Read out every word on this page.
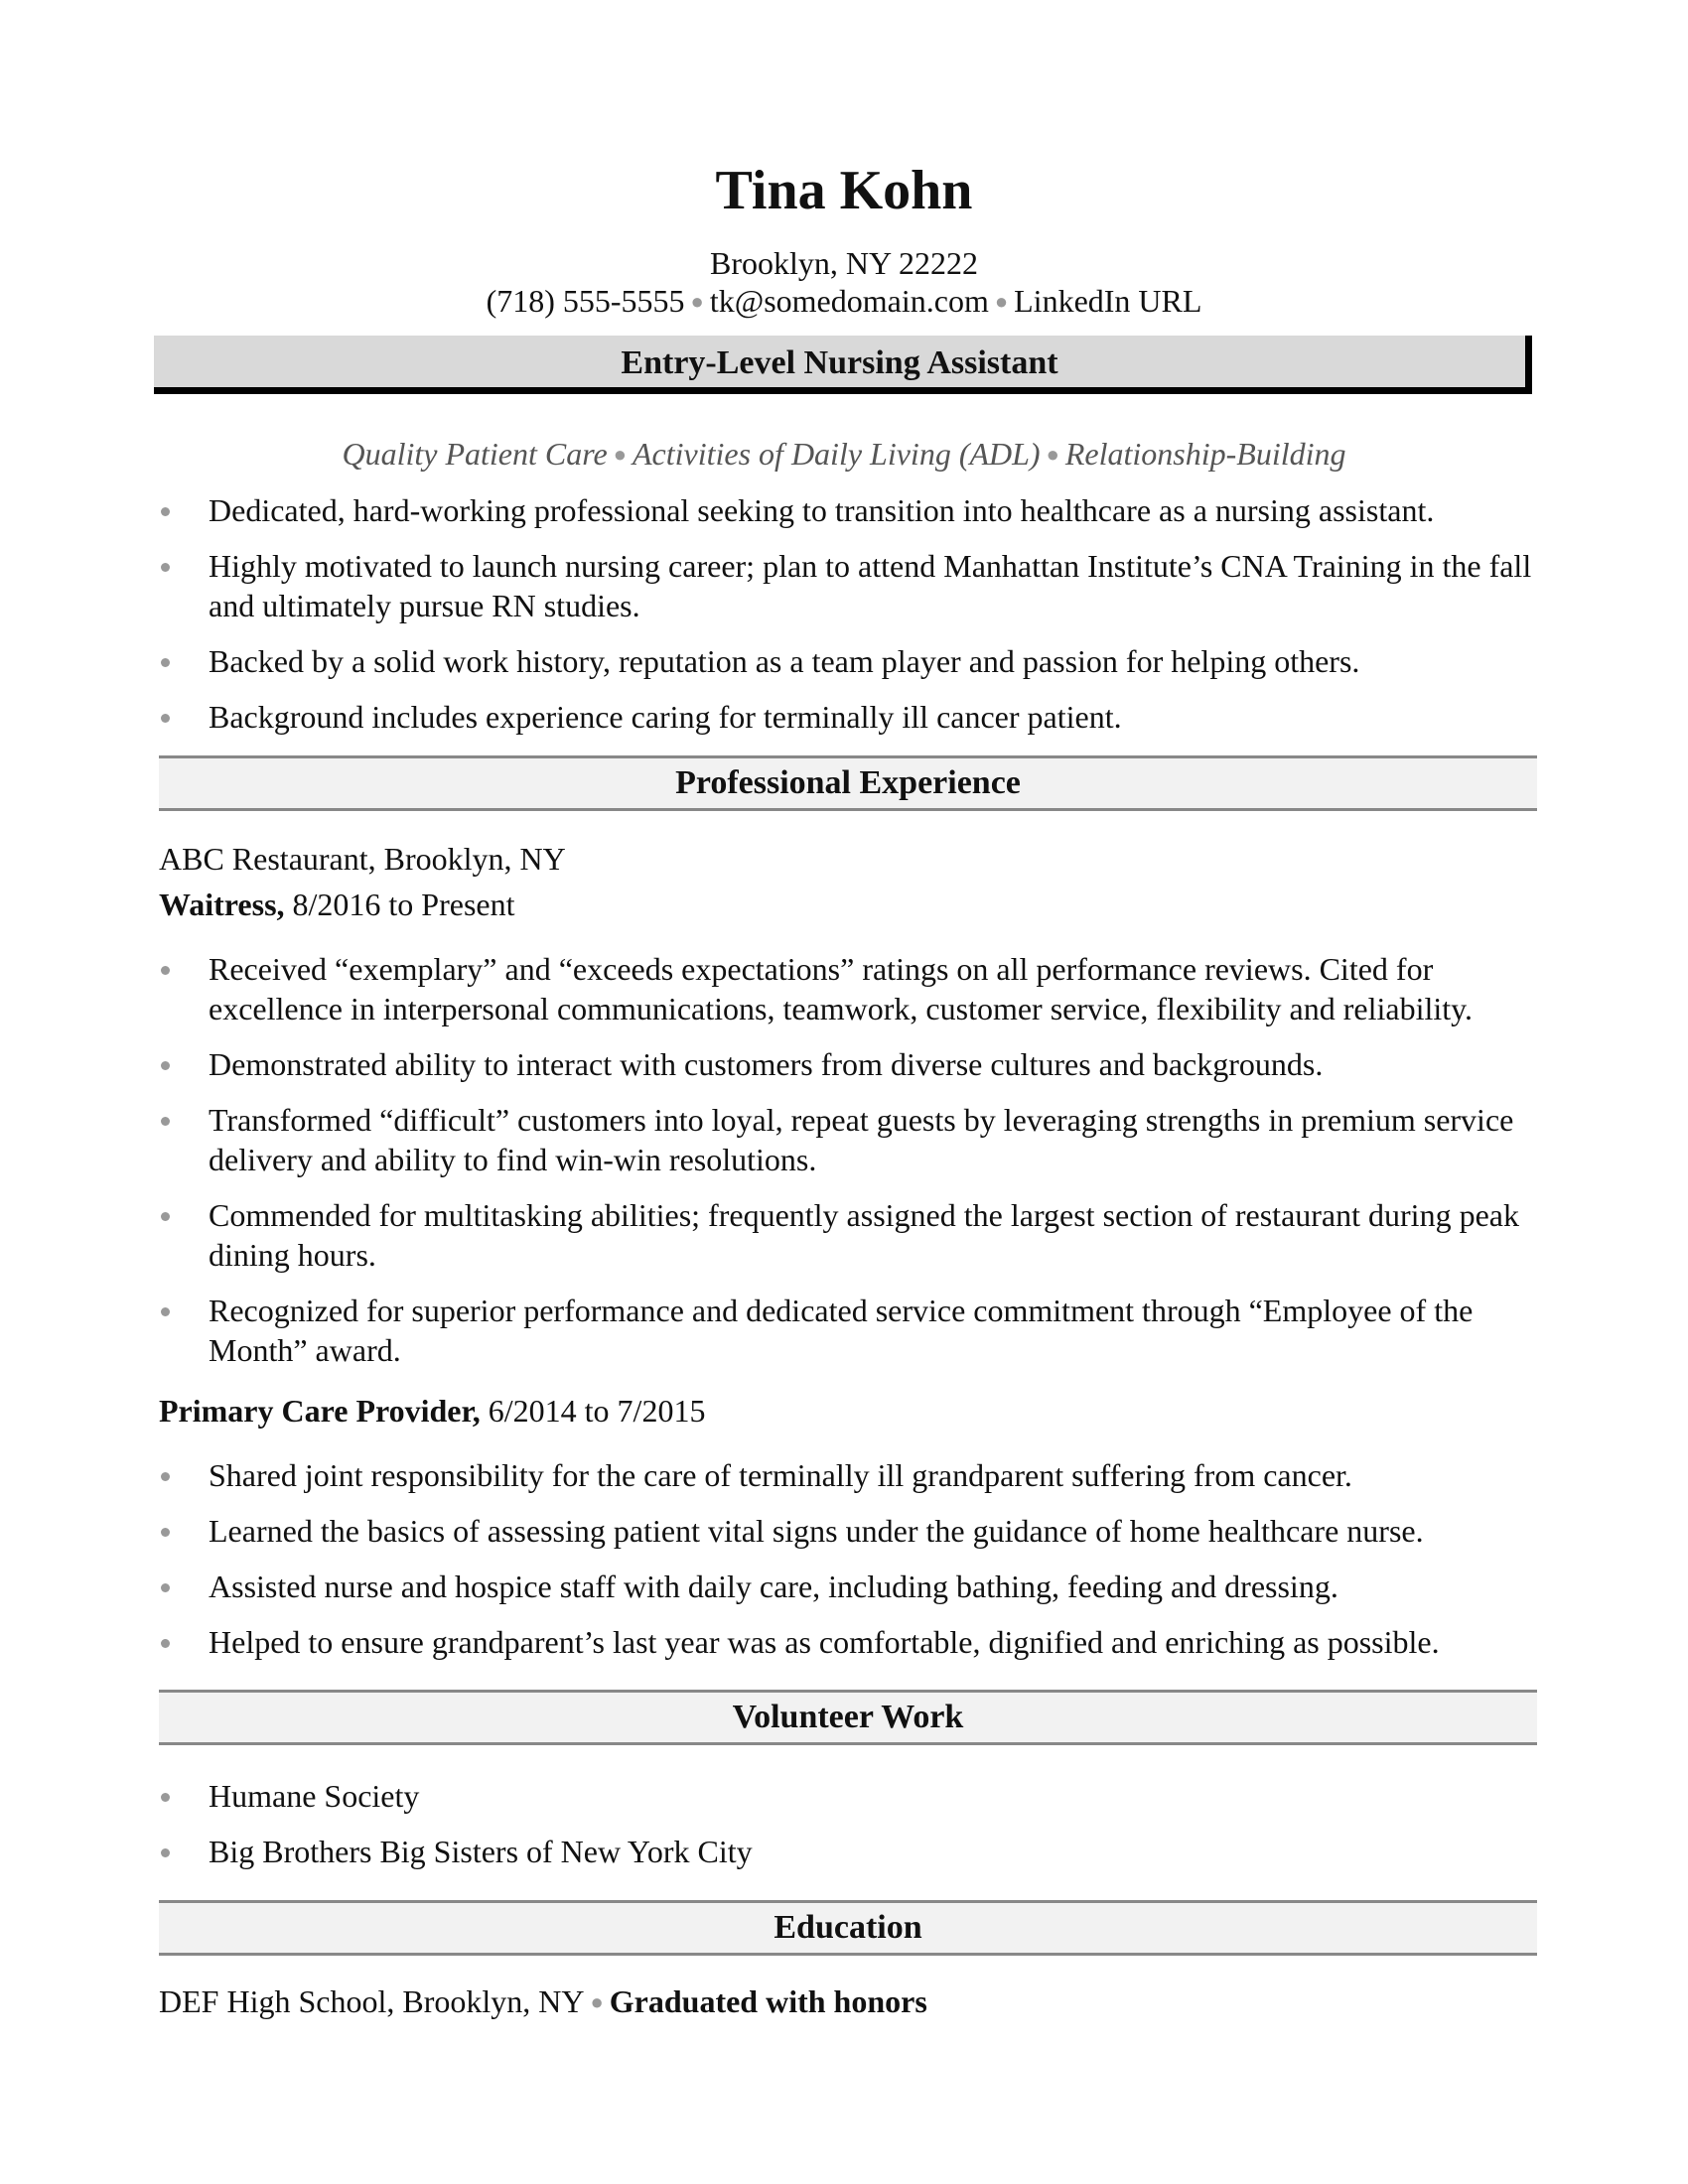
Tina Kohn
Brooklyn, NY 22222
(718) 555-5555 ● tk@somedomain.com ● LinkedIn URL
Entry-Level Nursing Assistant
Quality Patient Care ● Activities of Daily Living (ADL) ● Relationship-Building
Dedicated, hard-working professional seeking to transition into healthcare as a nursing assistant.
Highly motivated to launch nursing career; plan to attend Manhattan Institute’s CNA Training in the fall and ultimately pursue RN studies.
Backed by a solid work history, reputation as a team player and passion for helping others.
Background includes experience caring for terminally ill cancer patient.
Professional Experience
ABC Restaurant, Brooklyn, NY
Waitress, 8/2016 to Present
Received “exemplary” and “exceeds expectations” ratings on all performance reviews. Cited for excellence in interpersonal communications, teamwork, customer service, flexibility and reliability.
Demonstrated ability to interact with customers from diverse cultures and backgrounds.
Transformed “difficult” customers into loyal, repeat guests by leveraging strengths in premium service delivery and ability to find win-win resolutions.
Commended for multitasking abilities; frequently assigned the largest section of restaurant during peak dining hours.
Recognized for superior performance and dedicated service commitment through “Employee of the Month” award.
Primary Care Provider, 6/2014 to 7/2015
Shared joint responsibility for the care of terminally ill grandparent suffering from cancer.
Learned the basics of assessing patient vital signs under the guidance of home healthcare nurse.
Assisted nurse and hospice staff with daily care, including bathing, feeding and dressing.
Helped to ensure grandparent’s last year was as comfortable, dignified and enriching as possible.
Volunteer Work
Humane Society
Big Brothers Big Sisters of New York City
Education
DEF High School, Brooklyn, NY ● Graduated with honors
